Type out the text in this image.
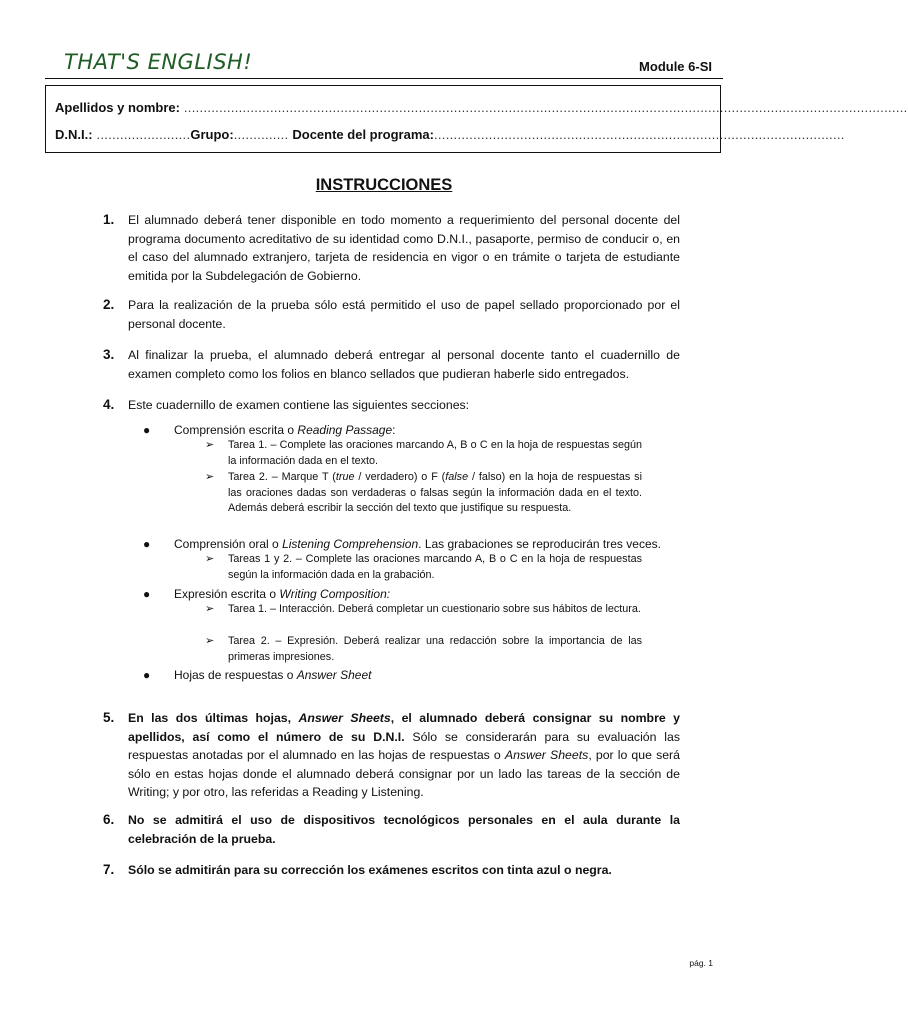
THAT'S ENGLISH!	Module 6-SI
Apellidos y nombre: .........................................................................................................................................................................................
D.N.I.: ........................ Grupo: .............. Docente del programa: .........................................................................................................
INSTRUCCIONES
1. El alumnado deberá tener disponible en todo momento a requerimiento del personal docente del programa documento acreditativo de su identidad como D.N.I., pasaporte, permiso de conducir o, en el caso del alumnado extranjero, tarjeta de residencia en vigor o en trámite o tarjeta de estudiante emitida por la Subdelegación de Gobierno.
2. Para la realización de la prueba sólo está permitido el uso de papel sellado proporcionado por el personal docente.
3. Al finalizar la prueba, el alumnado deberá entregar al personal docente tanto el cuadernillo de examen completo como los folios en blanco sellados que pudieran haberle sido entregados.
4. Este cuadernillo de examen contiene las siguientes secciones:
● Comprensión escrita o Reading Passage:
➢ Tarea 1. – Complete las oraciones marcando A, B o C en la hoja de respuestas según la información dada en el texto.
➢ Tarea 2. – Marque T (true / verdadero) o F (false / falso) en la hoja de respuestas si las oraciones dadas son verdaderas o falsas según la información dada en el texto. Además deberá escribir la sección del texto que justifique su respuesta.
● Comprensión oral o Listening Comprehension. Las grabaciones se reproducirán tres veces.
➢ Tareas 1 y 2. – Complete las oraciones marcando A, B o C en la hoja de respuestas según la información dada en la grabación.
● Expresión escrita o Writing Composition:
➢ Tarea 1. – Interacción. Deberá completar un cuestionario sobre sus hábitos de lectura.
➢ Tarea 2. – Expresión. Deberá realizar una redacción sobre la importancia de las primeras impresiones.
● Hojas de respuestas o Answer Sheet
5. En las dos últimas hojas, Answer Sheets, el alumnado deberá consignar su nombre y apellidos, así como el número de su D.N.I. Sólo se considerarán para su evaluación las respuestas anotadas por el alumnado en las hojas de respuestas o Answer Sheets, por lo que será sólo en estas hojas donde el alumnado deberá consignar por un lado las tareas de la sección de Writing; y por otro, las referidas a Reading y Listening.
6. No se admitirá el uso de dispositivos tecnológicos personales en el aula durante la celebración de la prueba.
7. Sólo se admitirán para su corrección los exámenes escritos con tinta azul o negra.
pág. 1
